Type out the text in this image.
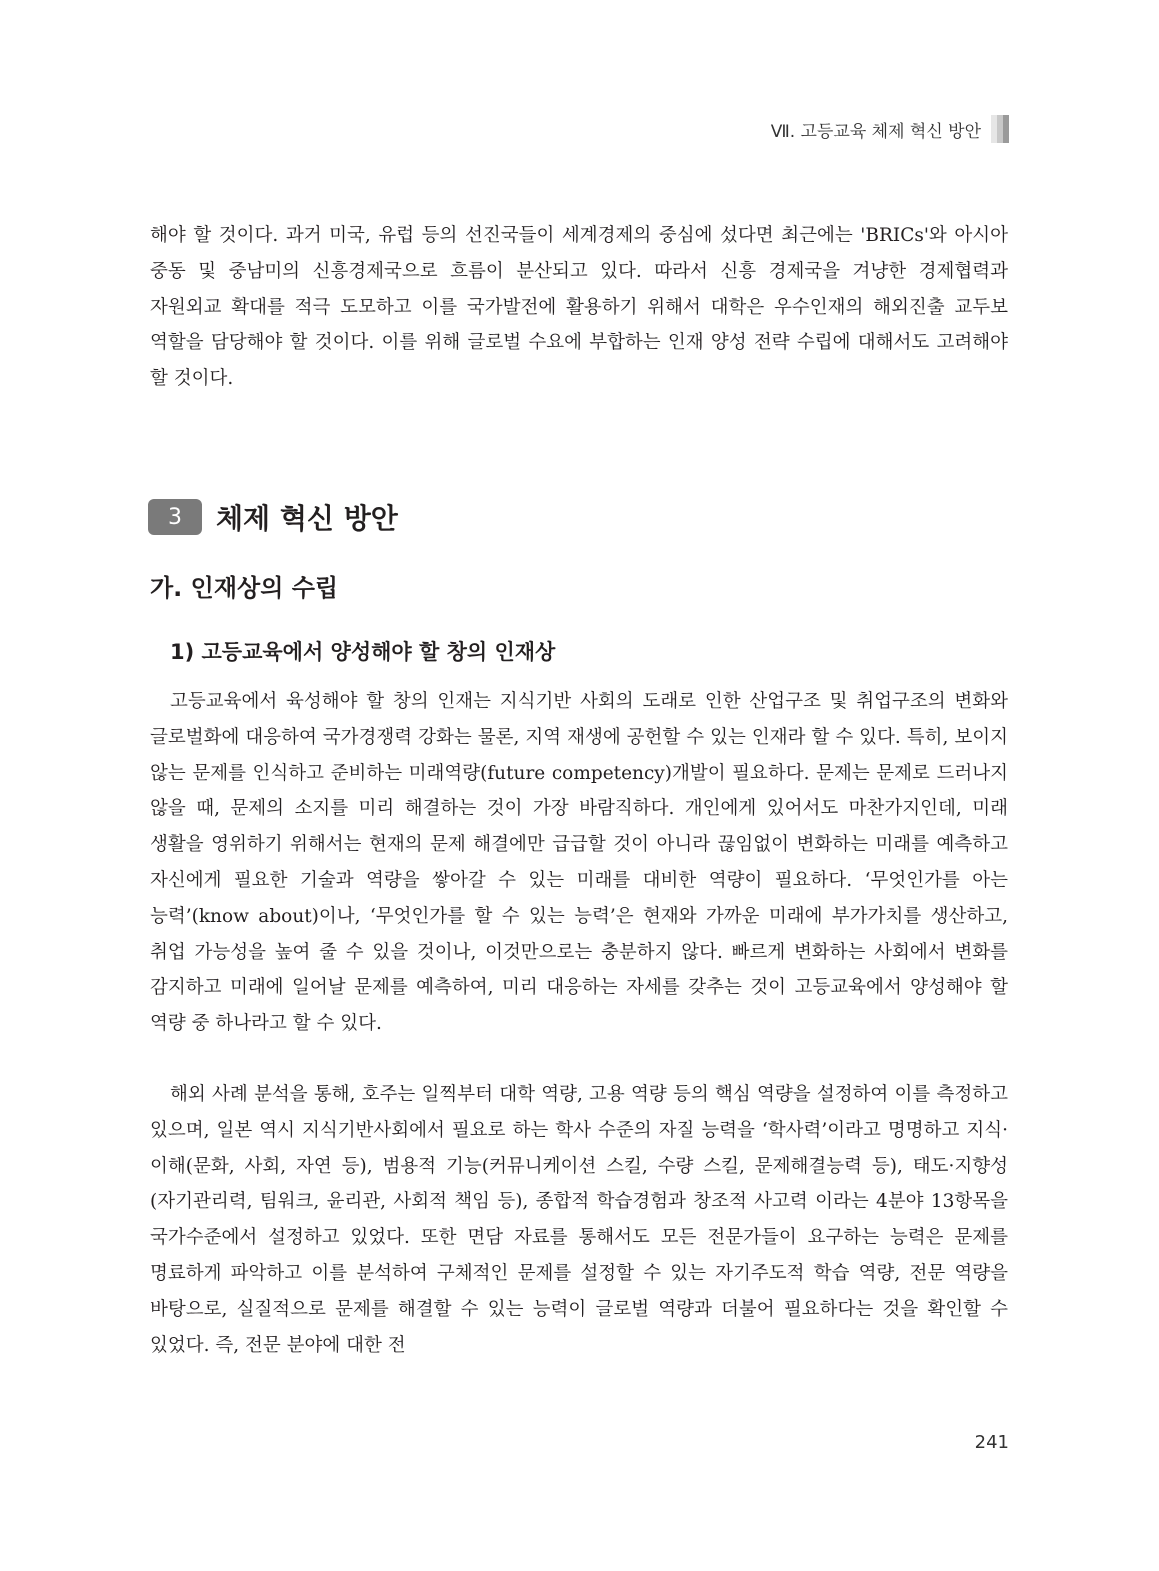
Ⅶ. 고등교육 체제 혁신 방안

해야 할 것이다. 과거 미국, 유럽 등의 선진국들이 세계경제의 중심에 섰다면 최근에는 'BRICs'와 아시아 중동 및 중남미의 신흥경제국으로 흐름이 분산되고 있다. 따라서 신흥 경제국을 겨냥한 경제협력과 자원외교 확대를 적극 도모하고 이를 국가발전에 활용하기 위해서 대학은 우수인재의 해외진출 교두보 역할을 담당해야 할 것이다. 이를 위해 글로벌 수요에 부합하는 인재 양성 전략 수립에 대해서도 고려해야 할 것이다.

3	체제 혁신 방안
가. 인재상의 수립
1) 고등교육에서 양성해야 할 창의 인재상

고등교육에서 육성해야 할 창의 인재는 지식기반 사회의 도래로 인한 산업구조 및 취업구조의 변화와 글로벌화에 대응하여 국가경쟁력 강화는 물론, 지역 재생에 공헌할 수 있는 인재라 할 수 있다. 특히, 보이지 않는 문제를 인식하고 준비하는 미래역량(future competency)개발이 필요하다. 문제는 문제로 드러나지 않을 때, 문제의 소지를 미리 해결하는 것이 가장 바람직하다. 개인에게 있어서도 마찬가지인데, 미래 생활을 영위하기 위해서는 현재의 문제 해결에만 급급할 것이 아니라 끊임없이 변화하는 미래를 예측하고 자신에게 필요한 기술과 역량을 쌓아갈 수 있는 미래를 대비한 역량이 필요하다. ‘무엇인가를 아는 능력’(know about)이나, ‘무엇인가를 할 수 있는 능력’은 현재와 가까운 미래에 부가가치를 생산하고, 취업 가능성을 높여 줄 수 있을 것이나, 이것만으로는 충분하지 않다. 빠르게 변화하는 사회에서 변화를 감지하고 미래에 일어날 문제를 예측하여, 미리 대응하는 자세를 갖추는 것이 고등교육에서 양성해야 할 역량 중 하나라고 할 수 있다.

해외 사례 분석을 통해, 호주는 일찍부터 대학 역량, 고용 역량 등의 핵심 역량을 설정하여 이를 측정하고 있으며, 일본 역시 지식기반사회에서 필요로 하는 학사 수준의 자질 능력을 ‘학사력’이라고 명명하고 지식·이해(문화, 사회, 자연 등), 범용적 기능(커뮤니케이션 스킬, 수량 스킬, 문제해결능력 등), 태도·지향성(자기관리력, 팀워크, 윤리관, 사회적 책임 등), 종합적 학습경험과 창조적 사고력 이라는 4분야 13항목을 국가수준에서 설정하고 있었다. 또한 면담 자료를 통해서도 모든 전문가들이 요구하는 능력은 문제를 명료하게 파악하고 이를 분석하여 구체적인 문제를 설정할 수 있는 자기주도적 학습 역량, 전문 역량을 바탕으로, 실질적으로 문제를 해결할 수 있는 능력이 글로벌 역량과 더불어 필요하다는 것을 확인할 수 있었다. 즉, 전문 분야에 대한 전

241
